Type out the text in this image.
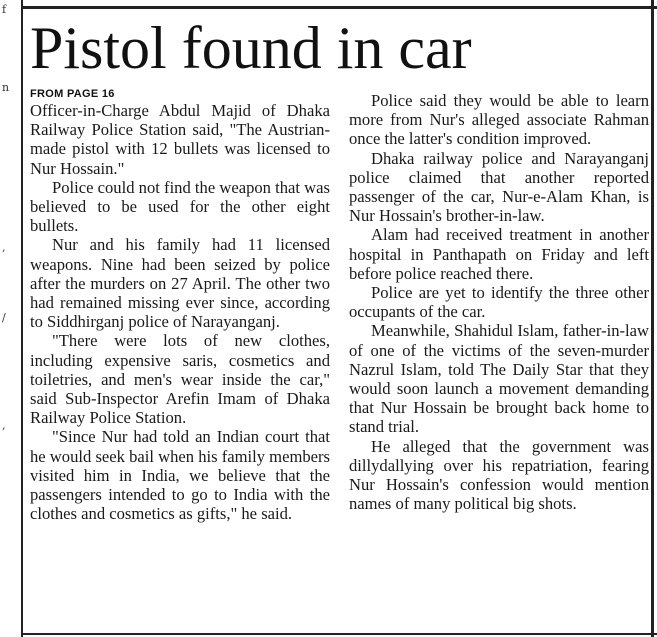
f
n
,
/
,
Pistol found in car
FROM PAGE 16

Officer-in-Charge Abdul Majid of Dhaka Railway Police Station said, "The Austrian-made pistol with 12 bullets was licensed to Nur Hossain."

Police could not find the weapon that was believed to be used for the other eight bullets.

Nur and his family had 11 licensed weapons. Nine had been seized by police after the murders on 27 April. The other two had remained missing ever since, according to Siddhirganj police of Narayanganj.

"There were lots of new clothes, including expensive saris, cosmetics and toiletries, and men's wear inside the car," said Sub-Inspector Arefin Imam of Dhaka Railway Police Station.

"Since Nur had told an Indian court that he would seek bail when his family members visited him in India, we believe that the passengers intended to go to India with the clothes and cosmetics as gifts," he said.

Police said they would be able to learn more from Nur's alleged associate Rahman once the latter's condition improved.

Dhaka railway police and Narayanganj police claimed that another reported passenger of the car, Nur-e-Alam Khan, is Nur Hossain's brother-in-law.

Alam had received treatment in another hospital in Panthapath on Friday and left before police reached there.

Police are yet to identify the three other occupants of the car.

Meanwhile, Shahidul Islam, father-in-law of one of the victims of the seven-murder Nazrul Islam, told The Daily Star that they would soon launch a movement demanding that Nur Hossain be brought back home to stand trial.

He alleged that the government was dillydallying over his repatriation, fearing Nur Hossain's confession would mention names of many political big shots.
